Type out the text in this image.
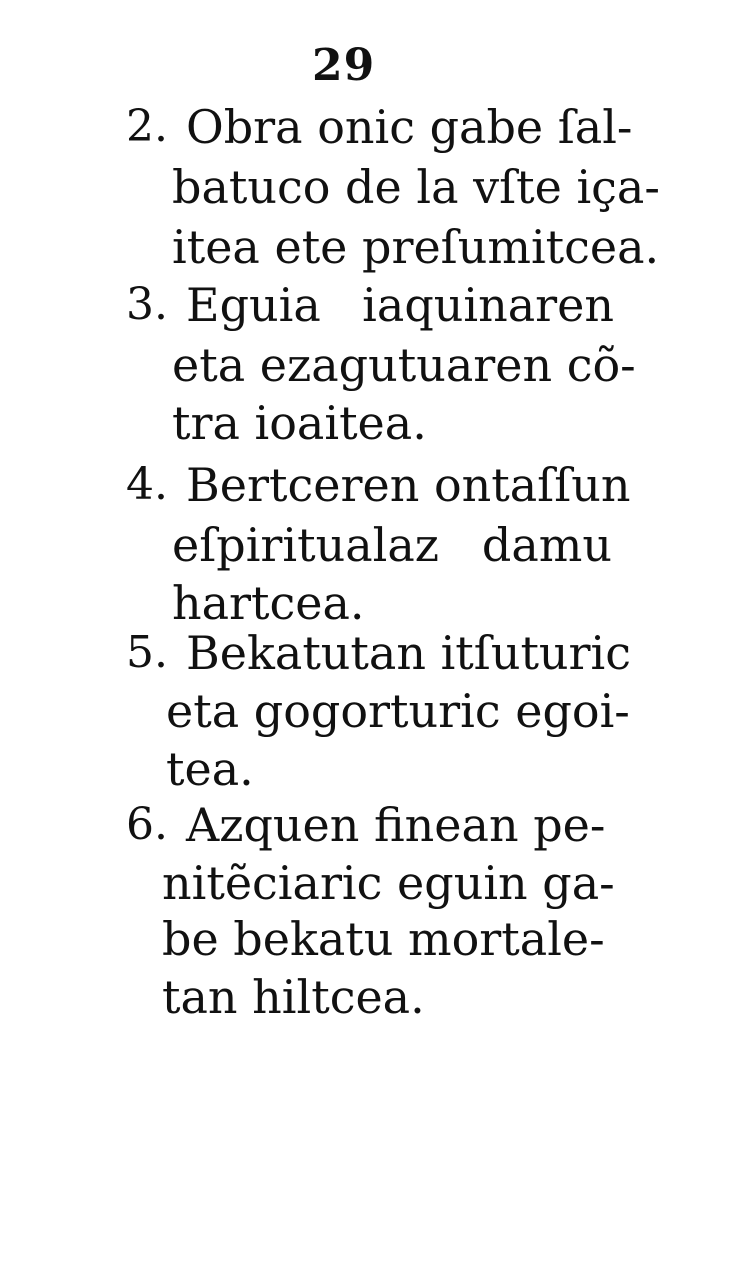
29
2. Obra onic gabe ſal-
batuco de la vſte iça-
itea ete preſumitcea.
3. Eguia iaquinaren
eta ezagutuaren cõ-
tra ioaitea.
4. Bertceren ontaſſun
eſpiritualaz damu
hartcea.
5. Bekatutan itſuturic
eta gogorturic egoi-
tea.
6. Azquen finean pe-
nitẽciaric eguin ga-
be bekatu mortale-
tan hiltcea.
